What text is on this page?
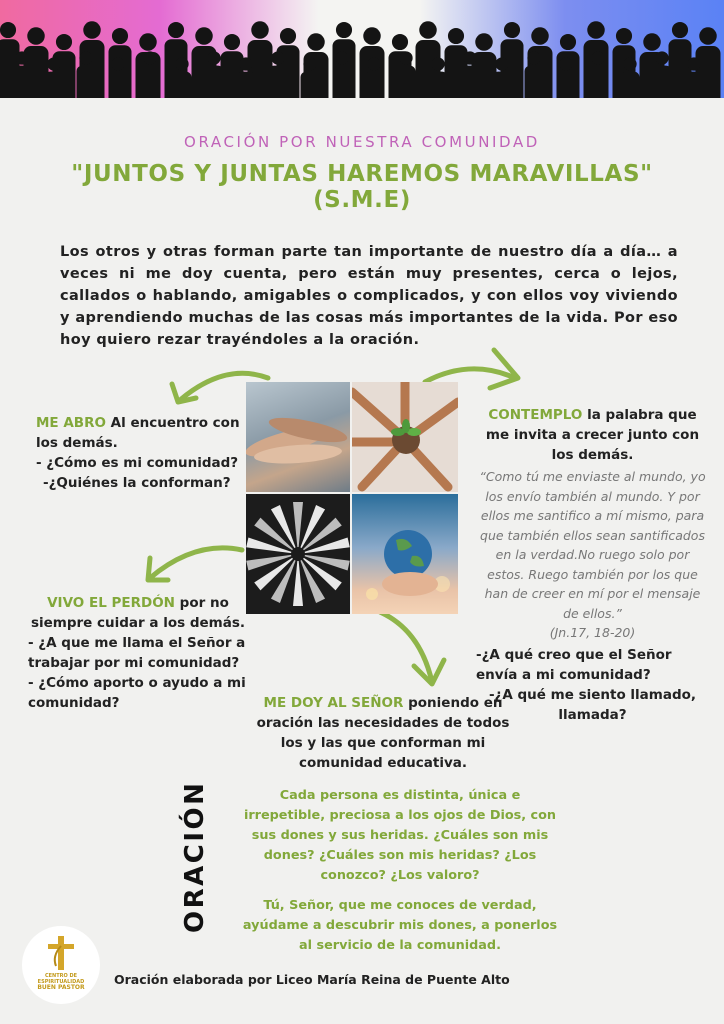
ORACIÓN POR NUESTRA COMUNIDAD
"JUNTOS Y JUNTAS HAREMOS MARAVILLAS"
(S.M.E)
Los otros y otras forman parte tan importante de nuestro día a día… a veces ni me doy cuenta, pero están muy presentes, cerca o lejos, callados o hablando, amigables o complicados, y con ellos voy viviendo y aprendiendo muchas de las cosas más importantes de la vida. Por eso hoy quiero rezar trayéndoles a la oración.
ME ABRO Al encuentro con los demás.
- ¿Cómo es mi comunidad?
-¿Quiénes la conforman?
CONTEMPLO la palabra que me invita a crecer junto con los demás.
“Como tú me enviaste al mundo, yo los envío también al mundo. Y por ellos me santifico a mí mismo, para que también ellos sean santificados en la verdad.No ruego solo por estos. Ruego también por los que han de creer en mí por el mensaje de ellos.”
(Jn.17, 18-20)
-¿A qué creo que el Señor envía a mi comunidad?
-¿A qué me siento llamado, llamada?
VIVO EL PERDÓN por no siempre cuidar a los demás.
- ¿A que me llama el Señor a trabajar por mi comunidad?
- ¿Cómo aporto o ayudo a mi comunidad?	ME DOY AL SEÑOR poniendo en oración las necesidades de todos los y las que conforman mi comunidad educativa.
ORACIÓN	Cada persona es distinta, única e irrepetible, preciosa a los ojos de Dios, con sus dones y sus heridas. ¿Cuáles son mis dones? ¿Cuáles son mis heridas? ¿Los conozco? ¿Los valoro?
Tú, Señor, que me conoces de verdad, ayúdame a descubrir mis dones, a ponerlos al servicio de la comunidad.
CENTRO DE
ESPIRITUALIDAD
BUEN PASTOR
Oración elaborada por Liceo María Reina de Puente Alto
